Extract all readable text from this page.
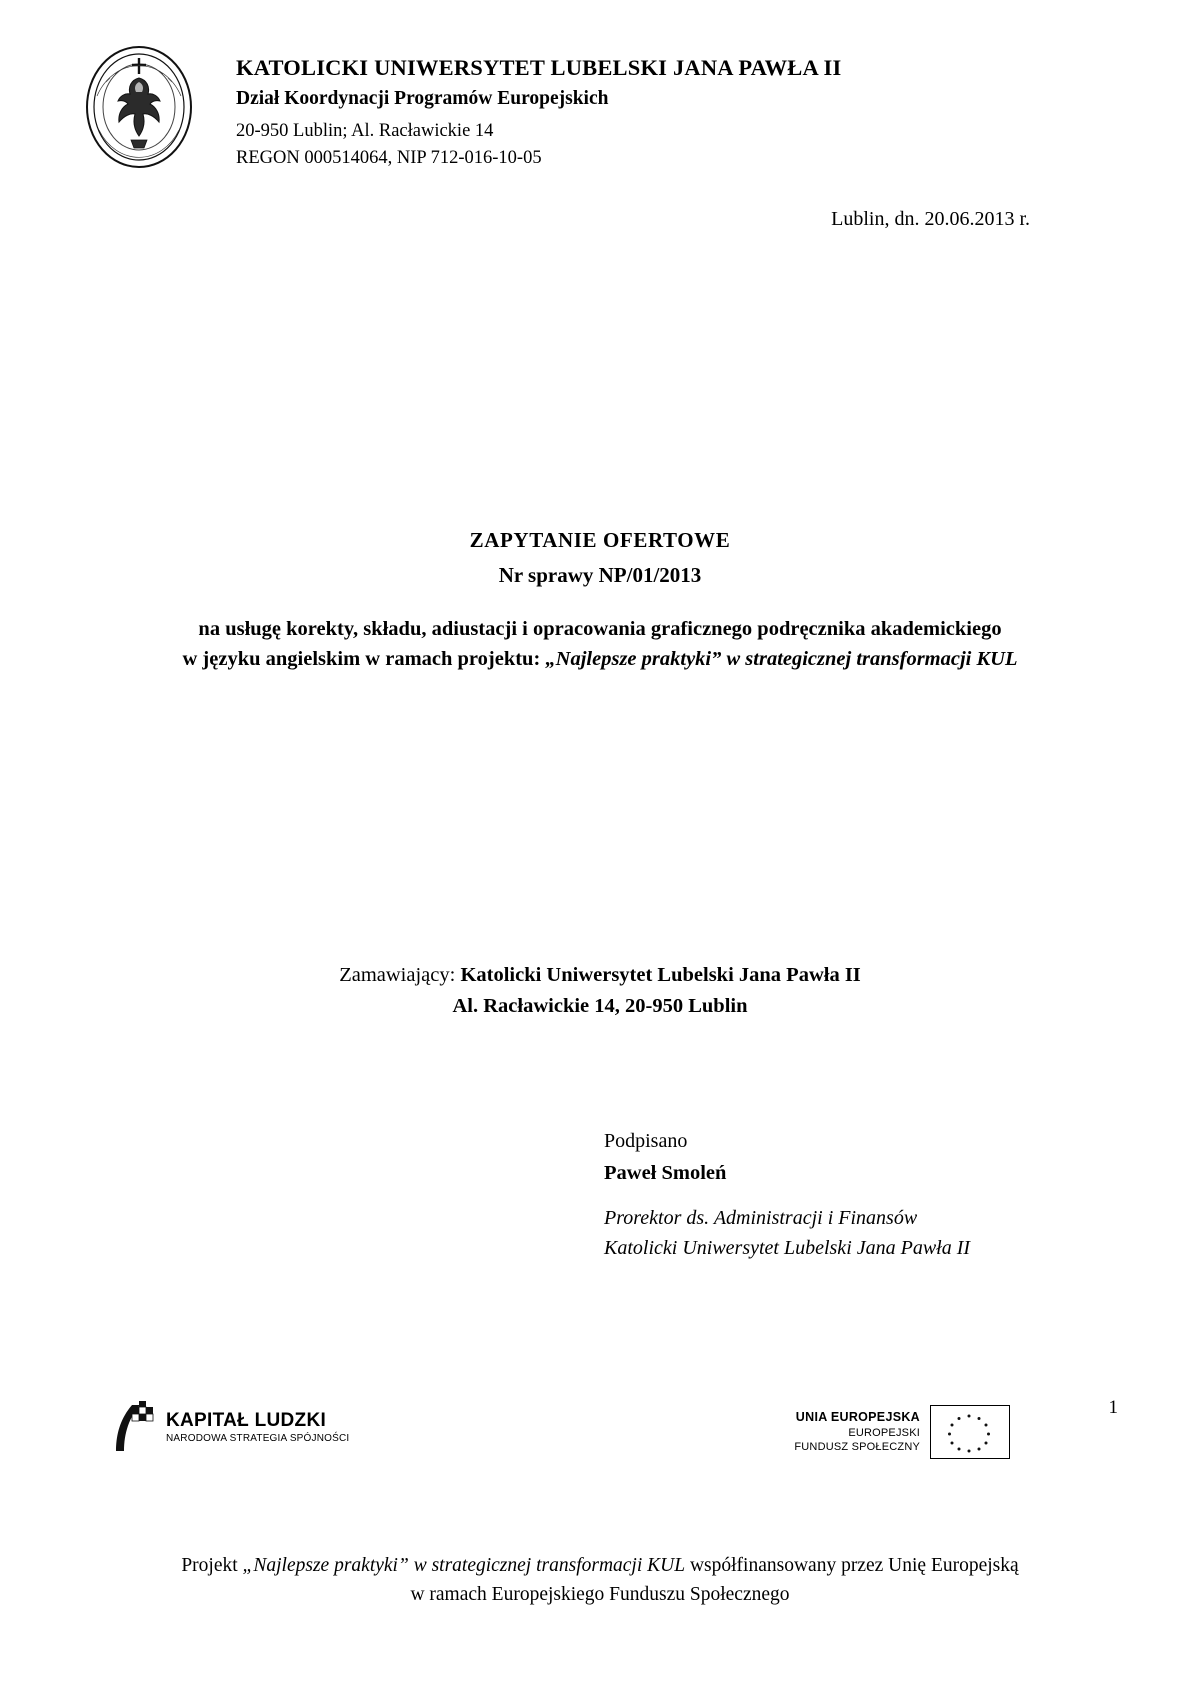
KATOLICKI UNIWERSYTET LUBELSKI JANA PAWŁA II
Dział Koordynacji Programów Europejskich
20-950 Lublin; Al. Racławickie 14
REGON 000514064, NIP 712-016-10-05
Lublin, dn. 20.06.2013 r.
ZAPYTANIE OFERTOWE
Nr sprawy NP/01/2013
na usługę korekty, składu, adiustacji i opracowania graficznego podręcznika akademickiego
w języku angielskim w ramach projektu: „Najlepsze praktyki” w strategicznej transformacji KUL
Zamawiający: Katolicki Uniwersytet Lubelski Jana Pawła II
Al. Racławickie 14, 20-950 Lublin
Podpisano
Paweł Smoleń
Prorektor ds. Administracji i Finansów
Katolicki Uniwersytet Lubelski Jana Pawła II
KAPITAŁ LUDZKI
NARODOWA STRATEGIA SPÓJNOŚCI
UNIA EUROPEJSKA
EUROPEJSKI
FUNDUSZ SPOŁECZNY
1
Projekt „Najlepsze praktyki” w strategicznej transformacji KUL współfinansowany przez Unię Europejską
w ramach Europejskiego Funduszu Społecznego
